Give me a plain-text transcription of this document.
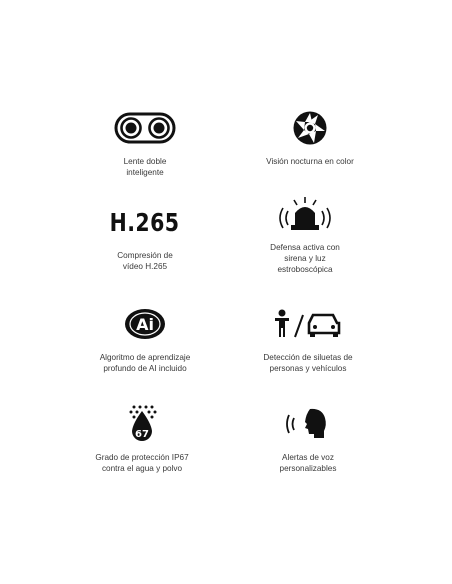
Lente doble
inteligente
Visión nocturna en color
H.265
Compresión de
vídeo H.265
Defensa activa con
sirena y luz
estroboscópica
Ai
Algoritmo de aprendizaje
profundo de AI incluido
Detección de siluetas de
personas y vehículos
67
Grado de protección IP67
contra el agua y polvo
Alertas de voz
personalizables
